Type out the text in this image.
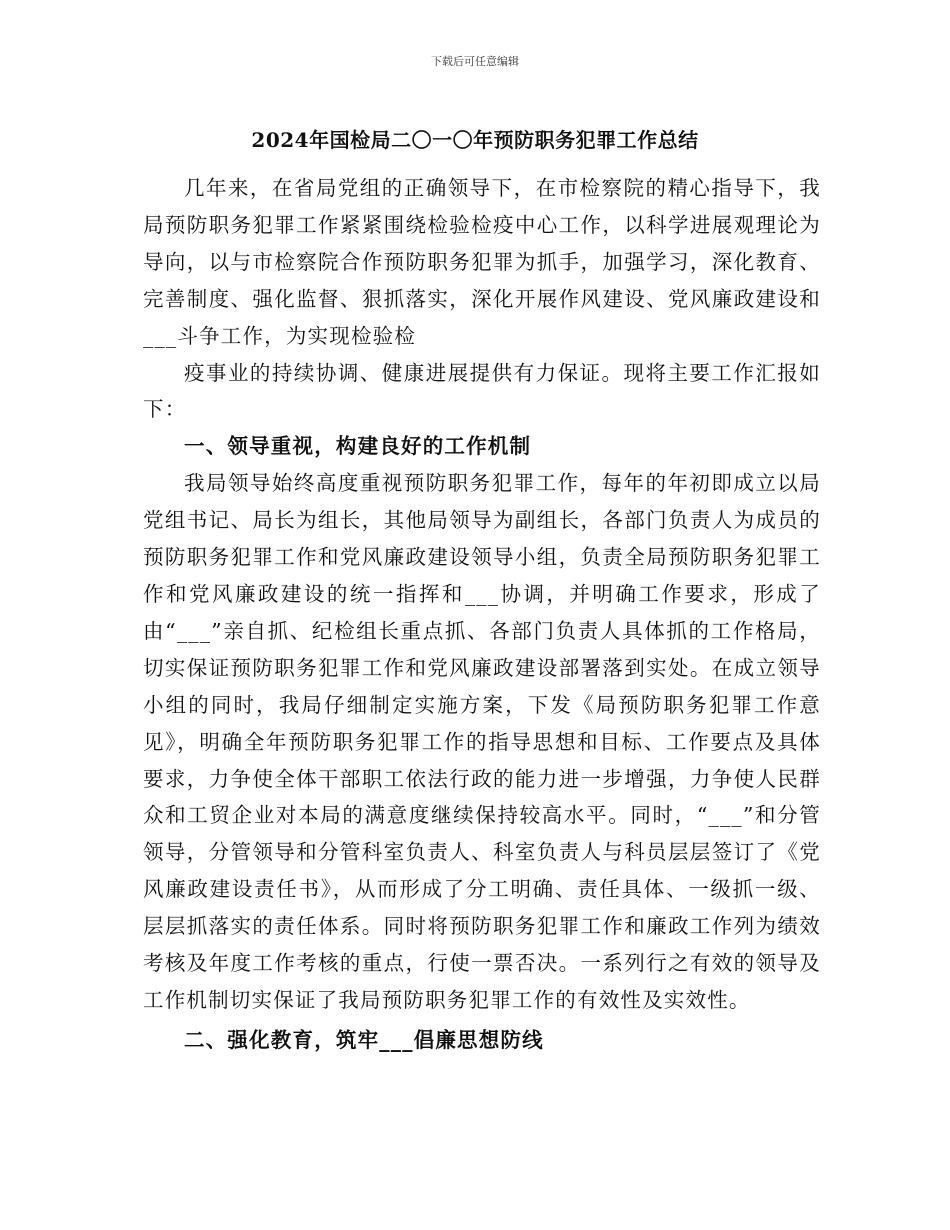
下载后可任意编辑
2024年国检局二〇一〇年预防职务犯罪工作总结

几年来，在省局党组的正确领导下，在市检察院的精心指导下，我局预防职务犯罪工作紧紧围绕检验检疫中心工作，以科学进展观理论为导向，以与市检察院合作预防职务犯罪为抓手，加强学习，深化教育、完善制度、强化监督、狠抓落实，深化开展作风建设、党风廉政建设和___斗争工作，为实现检验检

疫事业的持续协调、健康进展提供有力保证。现将主要工作汇报如下：

一、领导重视，构建良好的工作机制

我局领导始终高度重视预防职务犯罪工作，每年的年初即成立以局党组书记、局长为组长，其他局领导为副组长，各部门负责人为成员的预防职务犯罪工作和党风廉政建设领导小组，负责全局预防职务犯罪工作和党风廉政建设的统一指挥和___协调，并明确工作要求，形成了由“___”亲自抓、纪检组长重点抓、各部门负责人具体抓的工作格局，切实保证预防职务犯罪工作和党风廉政建设部署落到实处。在成立领导小组的同时，我局仔细制定实施方案，下发《局预防职务犯罪工作意见》，明确全年预防职务犯罪工作的指导思想和目标、工作要点及具体要求，力争使全体干部职工依法行政的能力进一步增强，力争使人民群众和工贸企业对本局的满意度继续保持较高水平。同时，“___”和分管领导，分管领导和分管科室负责人、科室负责人与科员层层签订了《党风廉政建设责任书》，从而形成了分工明确、责任具体、一级抓一级、层层抓落实的责任体系。同时将预防职务犯罪工作和廉政工作列为绩效考核及年度工作考核的重点，行使一票否决。一系列行之有效的领导及工作机制切实保证了我局预防职务犯罪工作的有效性及实效性。

二、强化教育，筑牢___倡廉思想防线
